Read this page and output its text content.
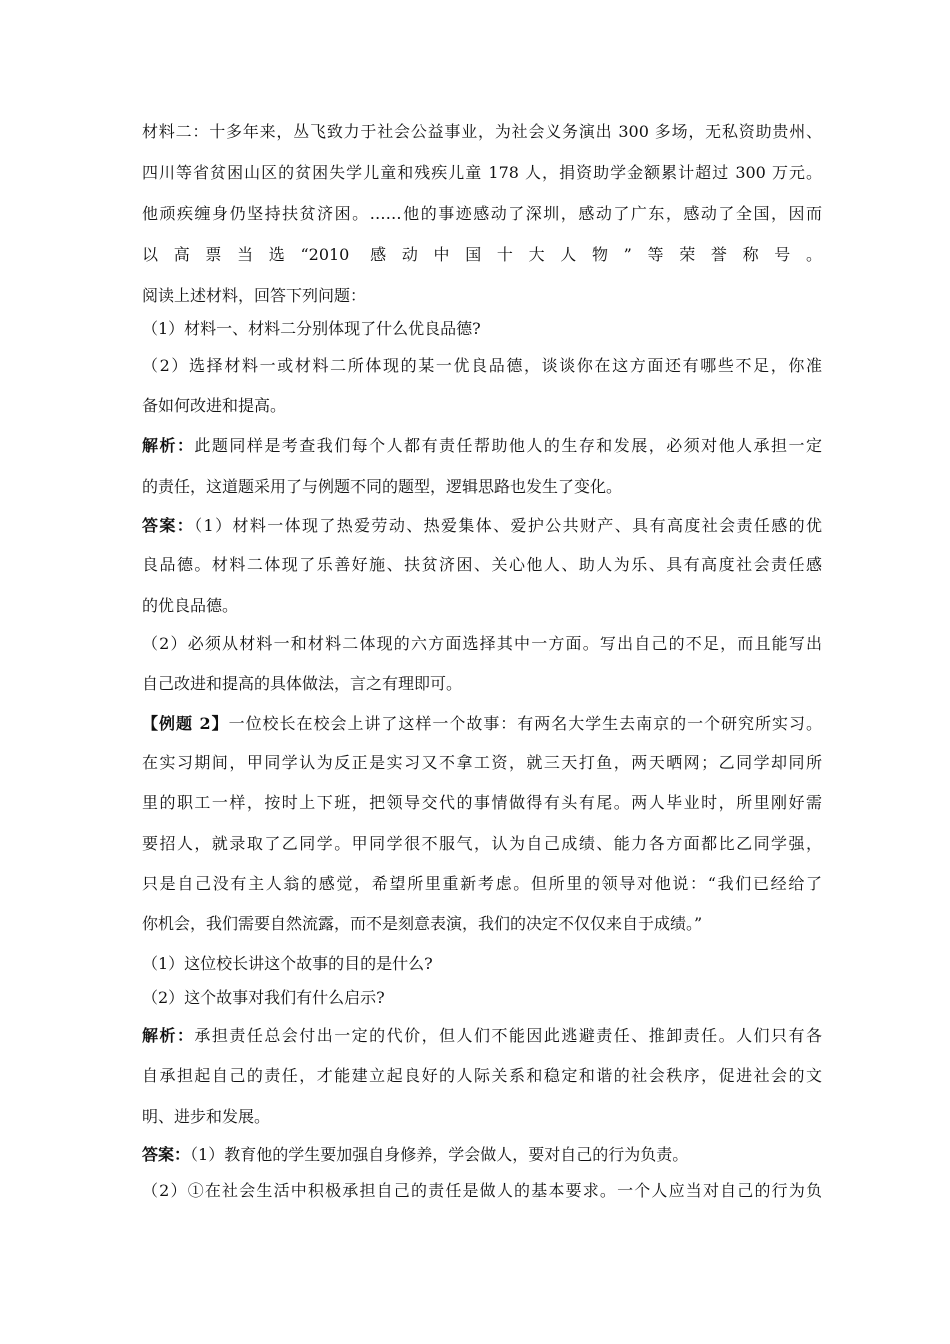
材料二：十多年来，丛飞致力于社会公益事业，为社会义务演出 300 多场，无私资助贵州、
四川等省贫困山区的贫困失学儿童和残疾儿童 178 人，捐资助学金额累计超过 300 万元。
他顽疾缠身仍坚持扶贫济困。……他的事迹感动了深圳，感动了广东，感动了全国，因而
以高票当选“2010 感动中国十大人物”等荣誉称号。
阅读上述材料，回答下列问题：
（1）材料一、材料二分别体现了什么优良品德?
（2）选择材料一或材料二所体现的某一优良品德，谈谈你在这方面还有哪些不足，你准
备如何改进和提高。
解析：此题同样是考查我们每个人都有责任帮助他人的生存和发展，必须对他人承担一定
的责任，这道题采用了与例题不同的题型，逻辑思路也发生了变化。
答案：（1）材料一体现了热爱劳动、热爱集体、爱护公共财产、具有高度社会责任感的优
良品德。材料二体现了乐善好施、扶贫济困、关心他人、助人为乐、具有高度社会责任感
的优良品德。
（2）必须从材料一和材料二体现的六方面选择其中一方面。写出自己的不足，而且能写出
自己改进和提高的具体做法，言之有理即可。
【例题 2】一位校长在校会上讲了这样一个故事：有两名大学生去南京的一个研究所实习。
在实习期间，甲同学认为反正是实习又不拿工资，就三天打鱼，两天晒网；乙同学却同所
里的职工一样，按时上下班，把领导交代的事情做得有头有尾。两人毕业时，所里刚好需
要招人，就录取了乙同学。甲同学很不服气，认为自己成绩、能力各方面都比乙同学强，
只是自己没有主人翁的感觉，希望所里重新考虑。但所里的领导对他说：“我们已经给了
你机会，我们需要自然流露，而不是刻意表演，我们的决定不仅仅来自于成绩。”
（1）这位校长讲这个故事的目的是什么?
（2）这个故事对我们有什么启示?
解析：承担责任总会付出一定的代价，但人们不能因此逃避责任、推卸责任。人们只有各
自承担起自己的责任，才能建立起良好的人际关系和稳定和谐的社会秩序，促进社会的文
明、进步和发展。
答案：（1）教育他的学生要加强自身修养，学会做人，要对自己的行为负责。
（2）①在社会生活中积极承担自己的责任是做人的基本要求。一个人应当对自己的行为负
